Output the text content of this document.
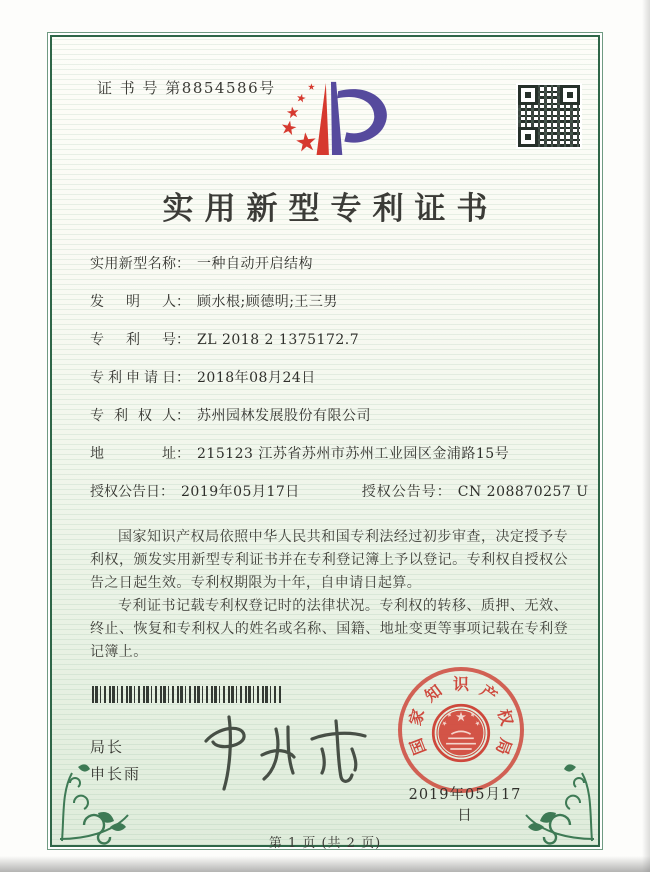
证 书 号 第8854586号
实用新型专利证书
实用新型名称 ： 一种自动开启结构
发明人 ： 顾水根;顾德明;王三男
专利号 ： ZL 2018 2 1375172.7
专利申请日 ： 2018年08月24日
专利权人 ： 苏州园林发展股份有限公司
地址 ： 215123 江苏省苏州市苏州工业园区金浦路15号
授权公告日 ： 2019年05月17日	授权公告号 ： CN 208870257 U

国家知识产权局依照中华人民共和国专利法经过初步审查，决定授予专利权，颁发实用新型专利证书并在专利登记簿上予以登记。专利权自授权公告之日起生效。专利权期限为十年，自申请日起算。

专利证书记载专利权登记时的法律状况。专利权的转移、质押、无效、终止、恢复和专利权人的姓名或名称、国籍、地址变更等事项记载在专利登记簿上。

局长
申长雨
国
家
知 识 产
权
局
2019年05月17日
第 1 页 (共 2 页)
